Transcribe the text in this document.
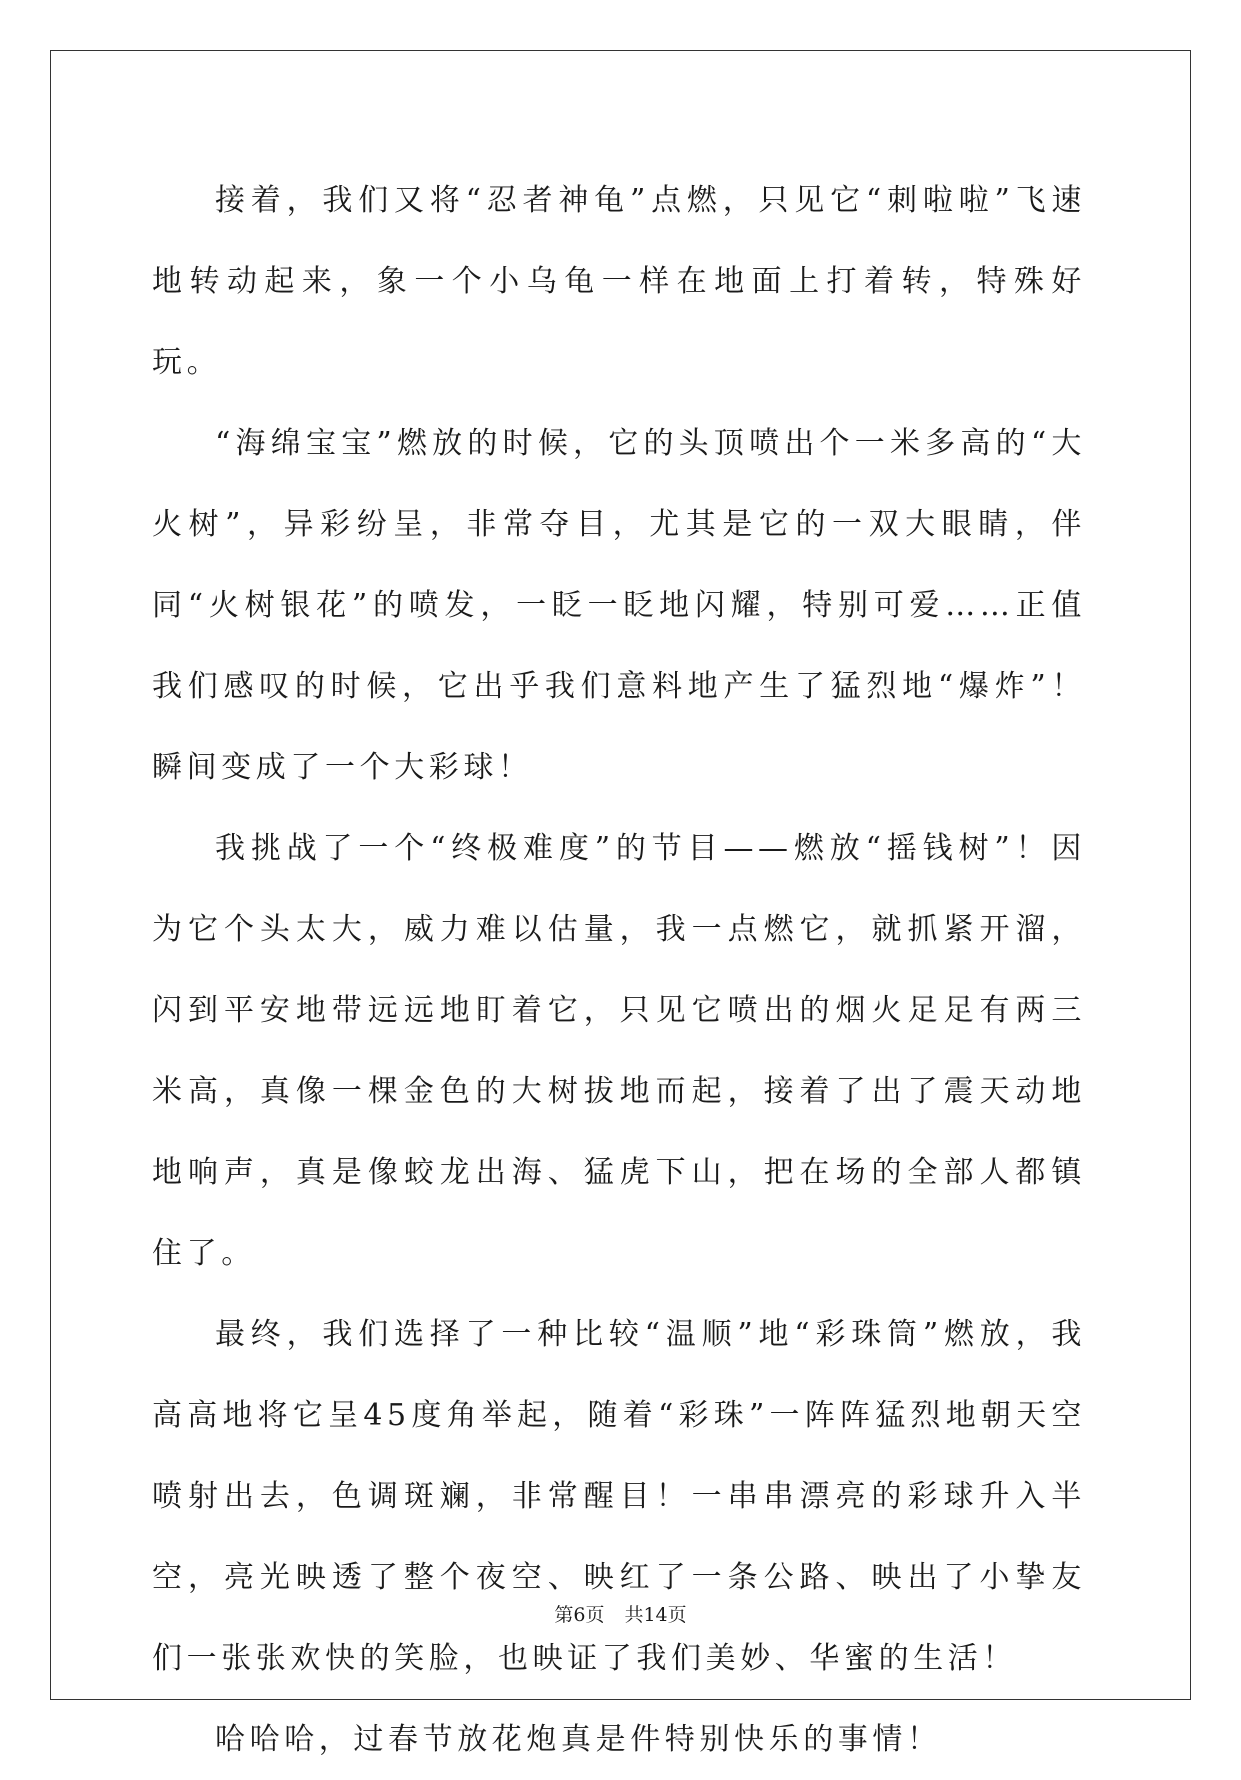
接着，我们又将“忍者神龟”点燃，只见它“刺啦啦”飞速地转动起来，象一个小乌龟一样在地面上打着转，特殊好玩。

“海绵宝宝”燃放的时候，它的头顶喷出个一米多高的“大火树”，异彩纷呈，非常夺目，尤其是它的一双大眼睛，伴同“火树银花”的喷发，一眨一眨地闪耀，特别可爱……正值我们感叹的时候，它出乎我们意料地产生了猛烈地“爆炸”！瞬间变成了一个大彩球！

我挑战了一个“终极难度”的节目——燃放“摇钱树”！因为它个头太大，威力难以估量，我一点燃它，就抓紧开溜，闪到平安地带远远地盯着它，只见它喷出的烟火足足有两三米高，真像一棵金色的大树拔地而起，接着了出了震天动地地响声，真是像蛟龙出海、猛虎下山，把在场的全部人都镇住了。

最终，我们选择了一种比较“温顺”地“彩珠筒”燃放，我高高地将它呈45度角举起，随着“彩珠”一阵阵猛烈地朝天空喷射出去，色调斑斓，非常醒目！一串串漂亮的彩球升入半空，亮光映透了整个夜空、映红了一条公路、映出了小挚友们一张张欢快的笑脸，也映证了我们美妙、华蜜的生活！

哈哈哈，过春节放花炮真是件特别快乐的事情！

第6页 共14页
